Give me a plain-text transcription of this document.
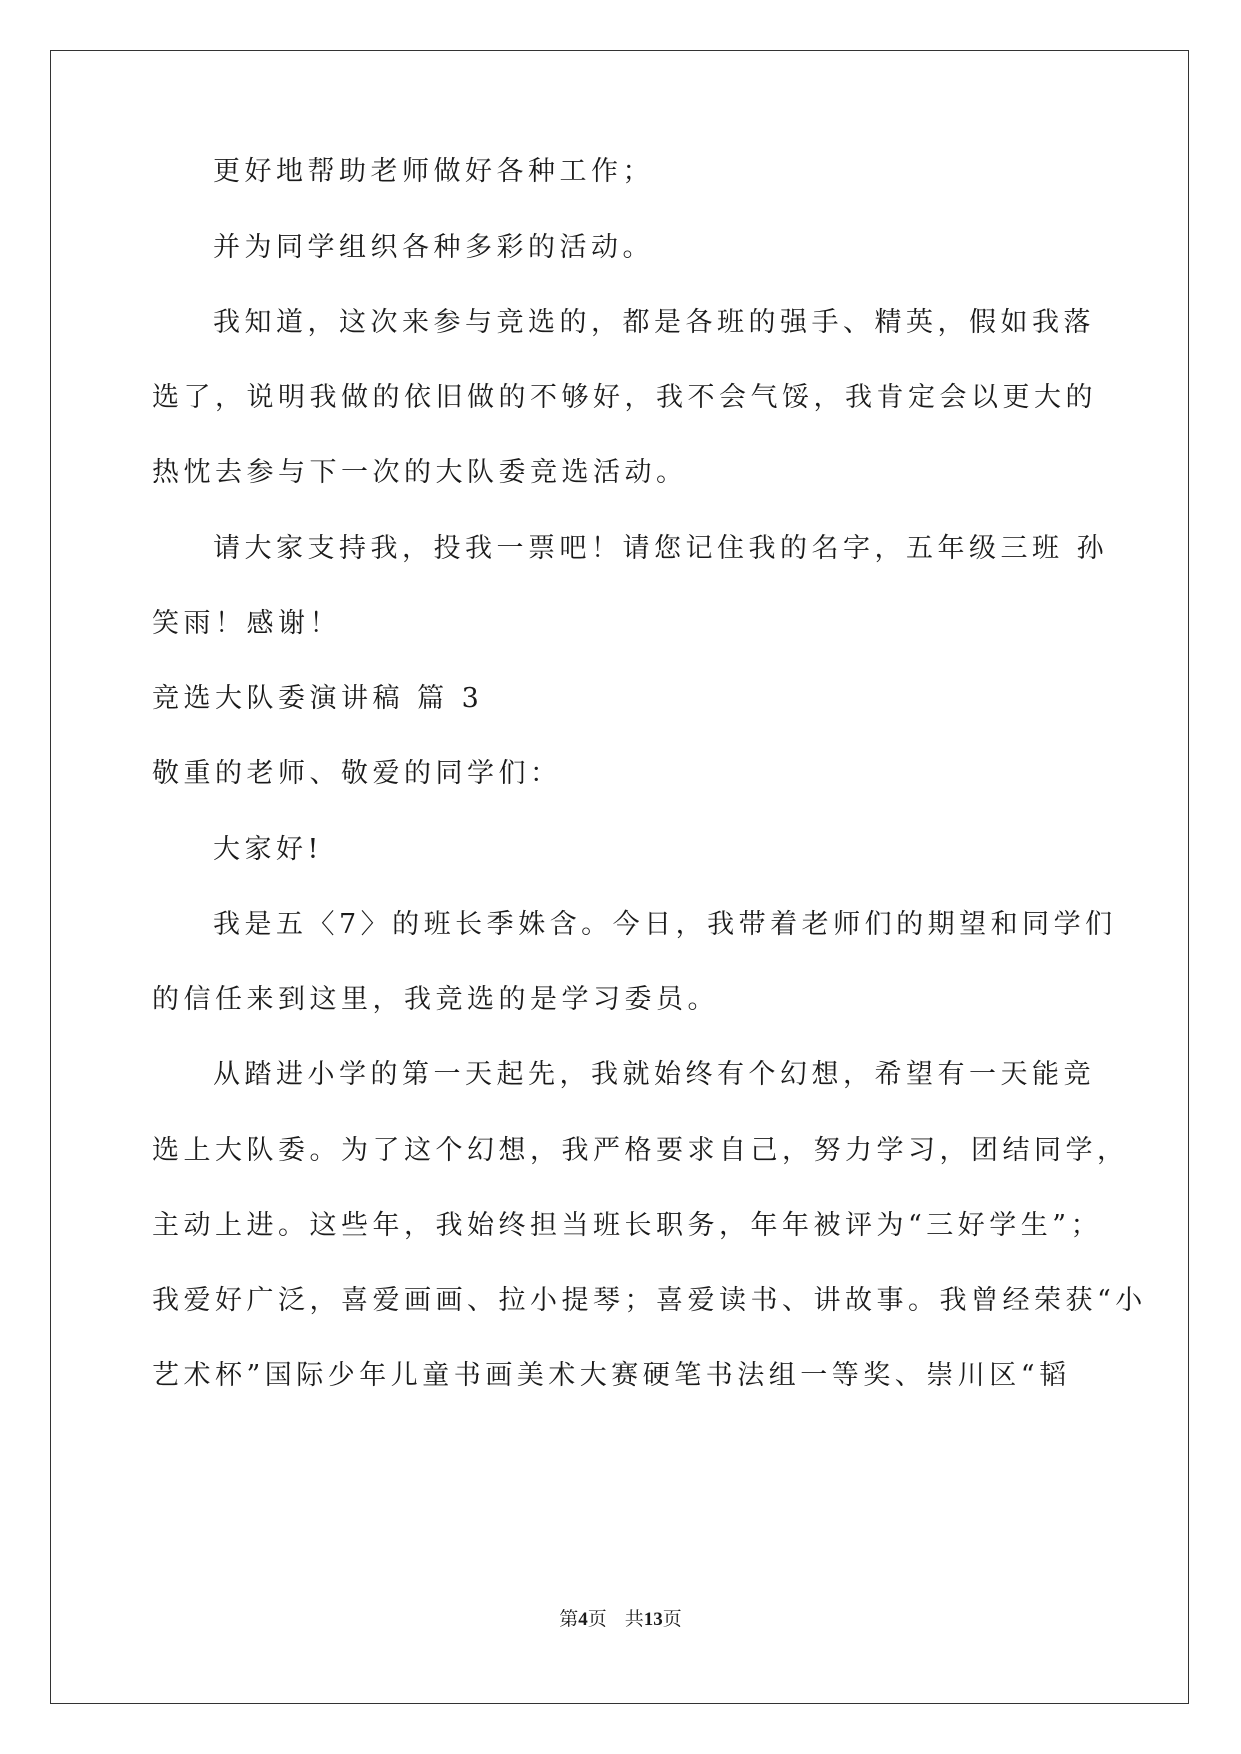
更好地帮助老师做好各种工作；
并为同学组织各种多彩的活动。
我知道，这次来参与竞选的，都是各班的强手、精英，假如我落
选了，说明我做的依旧做的不够好，我不会气馁，我肯定会以更大的
热忱去参与下一次的大队委竞选活动。
请大家支持我，投我一票吧！请您记住我的名字，五年级三班 孙
笑雨！感谢！
竞选大队委演讲稿 篇 3
敬重的老师、敬爱的同学们：
大家好!
我是五〈7〉的班长季姝含。今日，我带着老师们的期望和同学们
的信任来到这里，我竞选的是学习委员。
从踏进小学的第一天起先，我就始终有个幻想，希望有一天能竞
选上大队委。为了这个幻想，我严格要求自己，努力学习，团结同学，
主动上进。这些年，我始终担当班长职务，年年被评为“三好学生”；
我爱好广泛，喜爱画画、拉小提琴；喜爱读书、讲故事。我曾经荣获“小
艺术杯”国际少年儿童书画美术大赛硬笔书法组一等奖、崇川区“韬
第4页 共13页
